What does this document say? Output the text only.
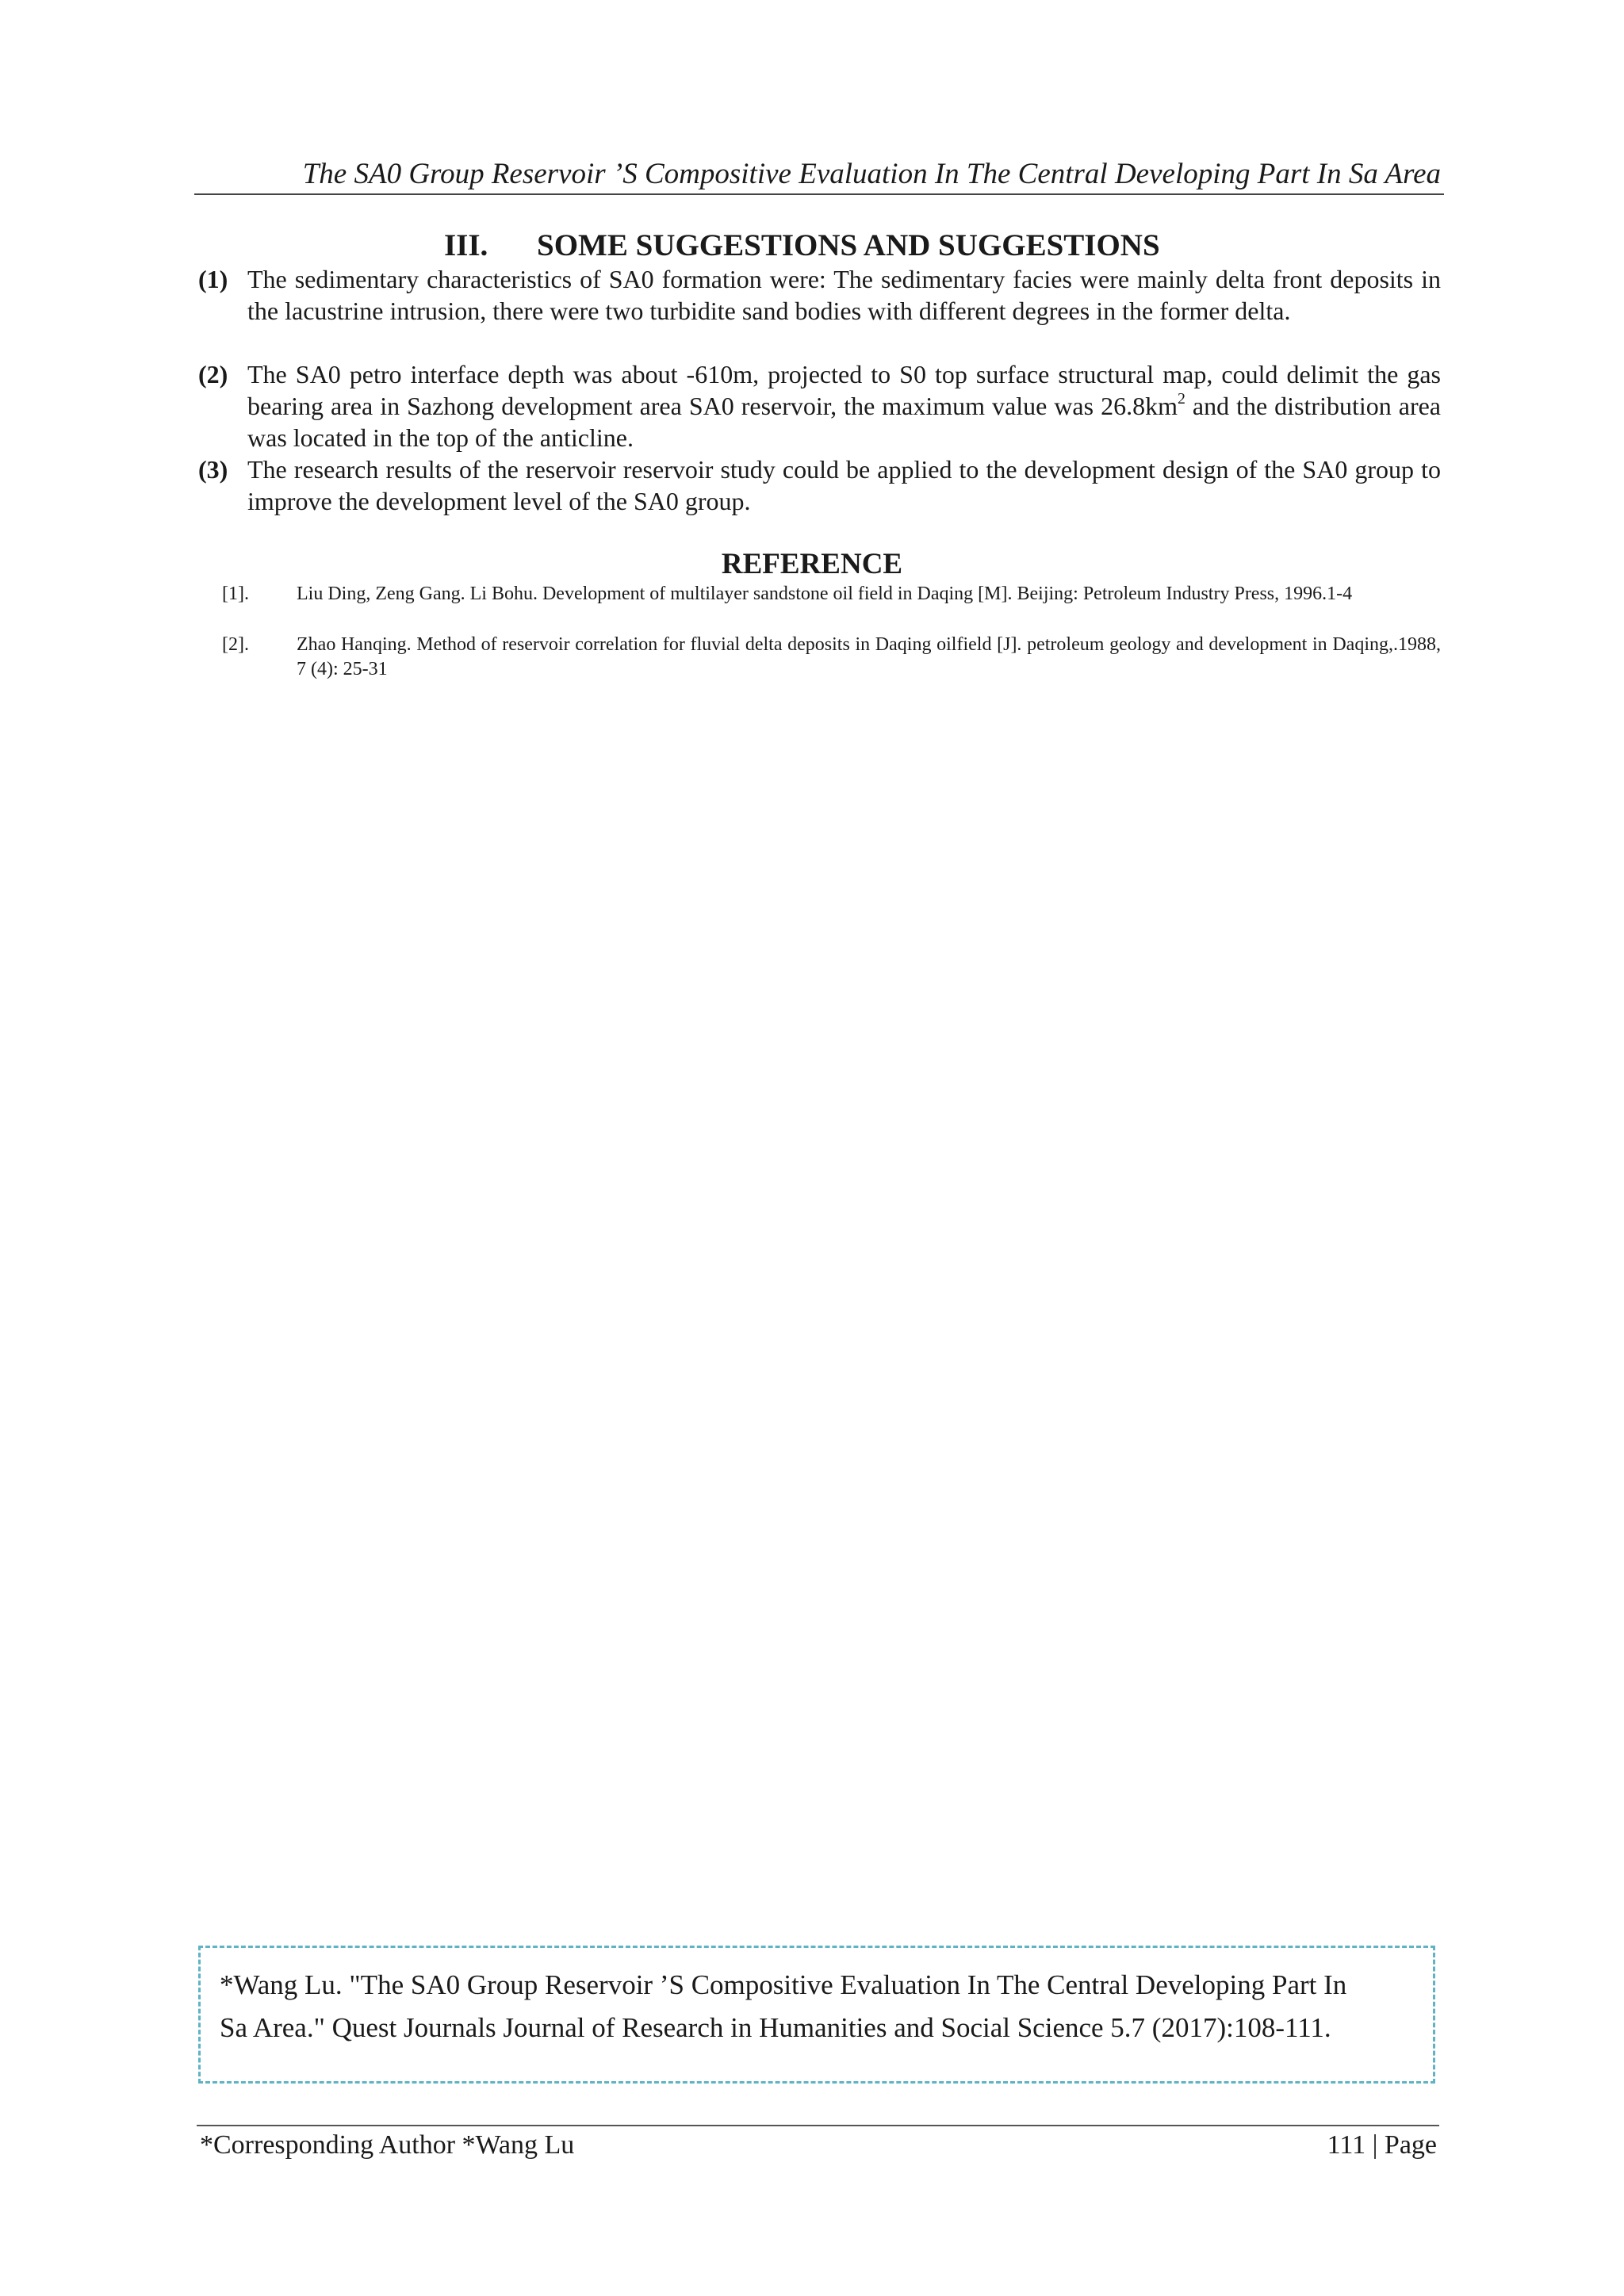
The SA0 Group Reservoir ’S Compositive Evaluation In The Central Developing Part In Sa Area
III. SOME SUGGESTIONS AND SUGGESTIONS
(1) The sedimentary characteristics of SA0 formation were: The sedimentary facies were mainly delta front deposits in the lacustrine intrusion, there were two turbidite sand bodies with different degrees in the former delta.
(2) The SA0 petro interface depth was about -610m, projected to S0 top surface structural map, could delimit the gas bearing area in Sazhong development area SA0 reservoir, the maximum value was $26.8km^2$ and the distribution area was located in the top of the anticline.
(3) The research results of the reservoir reservoir study could be applied to the development design of the SA0 group to improve the development level of the SA0 group.
REFERENCE
[1].	Liu Ding, Zeng Gang. Li Bohu. Development of multilayer sandstone oil field in Daqing [M]. Beijing: Petroleum Industry Press, 1996.1-4
[2].	Zhao Hanqing. Method of reservoir correlation for fluvial delta deposits in Daqing oilfield [J]. petroleum geology and development in Daqing,.1988, 7 (4): 25-31
*Wang Lu. "The SA0 Group Reservoir ’S Compositive Evaluation In The Central Developing Part In
Sa Area." Quest Journals Journal of Research in Humanities and Social Science 5.7 (2017):108-111.
*Corresponding Author *Wang Lu	111 | Page
